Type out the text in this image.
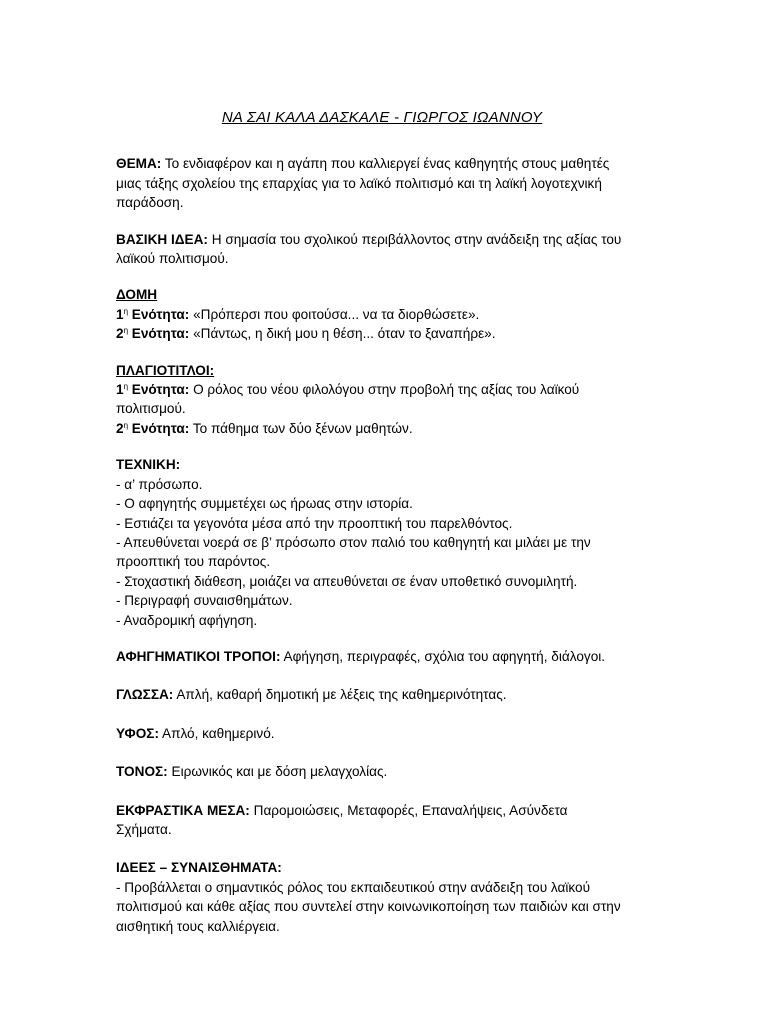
ΝΑ ΣΑΙ ΚΑΛΑ ΔΑΣΚΑΛΕ - ΓΙΩΡΓΟΣ ΙΩΑΝΝΟΥ
ΘΕΜΑ: Το ενδιαφέρον και η αγάπη που καλλιεργεί ένας καθηγητής στους μαθητές
μιας τάξης σχολείου της επαρχίας για το λαϊκό πολιτισμό και τη λαϊκή λογοτεχνική
παράδοση.
ΒΑΣΙΚΗ ΙΔΕΑ: Η σημασία του σχολικού περιβάλλοντος στην ανάδειξη της αξίας του
λαϊκού πολιτισμού.
ΔΟΜΗ
$1^\eta$ Ενότητα: «Πρόπερσι που φοιτούσα... να τα διορθώσετε».
$2^\eta$ Ενότητα: «Πάντως, η δική μου η θέση... όταν το ξαναπήρε».
ΠΛΑΓΙΟΤΙΤΛΟΙ:
$1^\eta$ Ενότητα: Ο ρόλος του νέου φιλολόγου στην προβολή της αξίας του λαϊκού
πολιτισμού.
$2^\eta$ Ενότητα: Το πάθημα των δύο ξένων μαθητών.
ΤΕΧΝΙΚΗ:
- α’ πρόσωπο.
- Ο αφηγητής συμμετέχει ως ήρωας στην ιστορία.
- Εστιάζει τα γεγονότα μέσα από την προοπτική του παρελθόντος.
- Απευθύνεται νοερά σε β’ πρόσωπο στον παλιό του καθηγητή και μιλάει με την
προοπτική του παρόντος.
- Στοχαστική διάθεση, μοιάζει να απευθύνεται σε έναν υποθετικό συνομιλητή.
- Περιγραφή συναισθημάτων.
- Αναδρομική αφήγηση.
ΑΦΗΓΗΜΑΤΙΚΟΙ ΤΡΟΠΟΙ: Αφήγηση, περιγραφές, σχόλια του αφηγητή, διάλογοι.
ΓΛΩΣΣΑ: Απλή, καθαρή δημοτική με λέξεις της καθημερινότητας.
ΥΦΟΣ: Απλό, καθημερινό.
ΤΟΝΟΣ: Ειρωνικός και με δόση μελαγχολίας.
ΕΚΦΡΑΣΤΙΚΑ ΜΕΣΑ: Παρομοιώσεις, Μεταφορές, Επαναλήψεις, Ασύνδετα
Σχήματα.
ΙΔΕΕΣ – ΣΥΝΑΙΣΘΗΜΑΤΑ:
- Προβάλλεται ο σημαντικός ρόλος του εκπαιδευτικού στην ανάδειξη του λαϊκού
πολιτισμού και κάθε αξίας που συντελεί στην κοινωνικοποίηση των παιδιών και στην
αισθητική τους καλλιέργεια.
